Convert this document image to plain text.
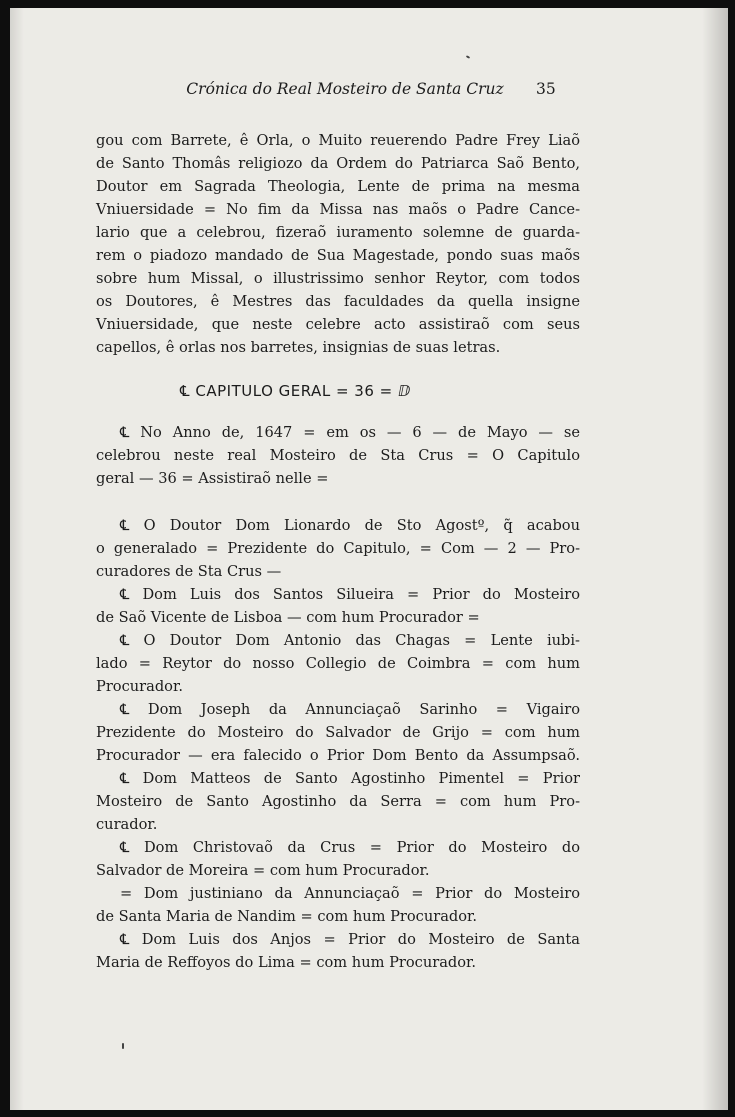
Crónica do Real Mosteiro de Santa Cruz	35
gou com Barrete, ê Orla, o Muito reuerendo Padre Frey Liaõ
de Santo Thomâs religiozo da Ordem do Patriarca Saõ Bento,
Doutor em Sagrada Theologia, Lente de prima na mesma
Vniuersidade = No fim da Missa nas maõs o Padre Cance-
lario que a celebrou, fizeraõ iuramento solemne de guarda-
rem o piadozo mandado de Sua Magestade, pondo suas maõs
sobre hum Missal, o illustrissimo senhor Reytor, com todos
os Doutores, ê Mestres das faculdades da quella insigne
Vniuersidade, que neste celebre acto assistiraõ com seus
capellos, ê orlas nos barretes, insignias de suas letras.
℄ CAPITULO GERAL = 36 = ⅅ
℄ No Anno de, 1647 = em os — 6 — de Mayo — se
celebrou neste real Mosteiro de Sta Crus = O Capitulo
geral — 36 = Assistiraõ nelle =
℄ O Doutor Dom Lionardo de Sto Agostº, q̃ acabou
o generalado = Prezidente do Capitulo, = Com — 2 — Pro-
curadores de Sta Crus —
℄ Dom Luis dos Santos Silueira = Prior do Mosteiro
de Saõ Vicente de Lisboa — com hum Procurador =
℄ O Doutor Dom Antonio das Chagas = Lente iubi-
lado = Reytor do nosso Collegio de Coimbra = com hum
Procurador.
℄ Dom Joseph da Annunciaçaõ Sarinho = Vigairo
Prezidente do Mosteiro do Salvador de Grijo = com hum
Procurador — era falecido o Prior Dom Bento da Assumpsaõ.
℄ Dom Matteos de Santo Agostinho Pimentel = Prior
Mosteiro de Santo Agostinho da Serra = com hum Pro-
curador.
℄ Dom Christovaõ da Crus = Prior do Mosteiro do
Salvador de Moreira = com hum Procurador.
= Dom justiniano da Annunciaçaõ = Prior do Mosteiro
de Santa Maria de Nandim = com hum Procurador.
℄ Dom Luis dos Anjos = Prior do Mosteiro de Santa
Maria de Reffoyos do Lima = com hum Procurador.
